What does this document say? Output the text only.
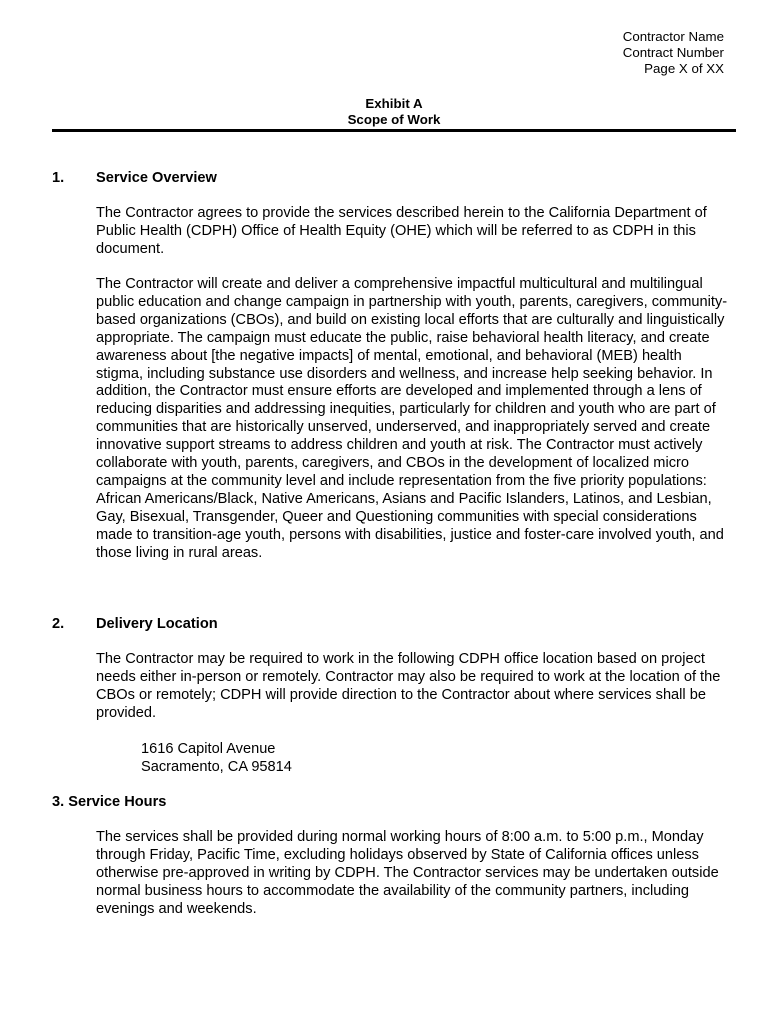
Contractor Name
Contract Number
Page X of XX
Exhibit A
Scope of Work
1. Service Overview

The Contractor agrees to provide the services described herein to the California Department of Public Health (CDPH) Office of Health Equity (OHE) which will be referred to as CDPH in this document.

The Contractor will create and deliver a comprehensive impactful multicultural and multilingual public education and change campaign in partnership with youth, parents, caregivers, community-based organizations (CBOs), and build on existing local efforts that are culturally and linguistically appropriate. The campaign must educate the public, raise behavioral health literacy, and create awareness about [the negative impacts] of mental, emotional, and behavioral (MEB) health stigma, including substance use disorders and wellness, and increase help seeking behavior. In addition, the Contractor must ensure efforts are developed and implemented through a lens of reducing disparities and addressing inequities, particularly for children and youth who are part of communities that are historically unserved, underserved, and inappropriately served and create innovative support streams to address children and youth at risk. The Contractor must actively collaborate with youth, parents, caregivers, and CBOs in the development of localized micro campaigns at the community level and include representation from the five priority populations: African Americans/Black, Native Americans, Asians and Pacific Islanders, Latinos, and Lesbian, Gay, Bisexual, Transgender, Queer and Questioning communities with special considerations made to transition-age youth, persons with disabilities, justice and foster-care involved youth, and those living in rural areas.

2. Delivery Location

The Contractor may be required to work in the following CDPH office location based on project needs either in-person or remotely. Contractor may also be required to work at the location of the CBOs or remotely; CDPH will provide direction to the Contractor about where services shall be provided.

1616 Capitol Avenue
Sacramento, CA 95814
3. Service Hours

The services shall be provided during normal working hours of 8:00 a.m. to 5:00 p.m., Monday through Friday, Pacific Time, excluding holidays observed by State of California offices unless otherwise pre-approved in writing by CDPH. The Contractor services may be undertaken outside normal business hours to accommodate the availability of the community partners, including evenings and weekends.
